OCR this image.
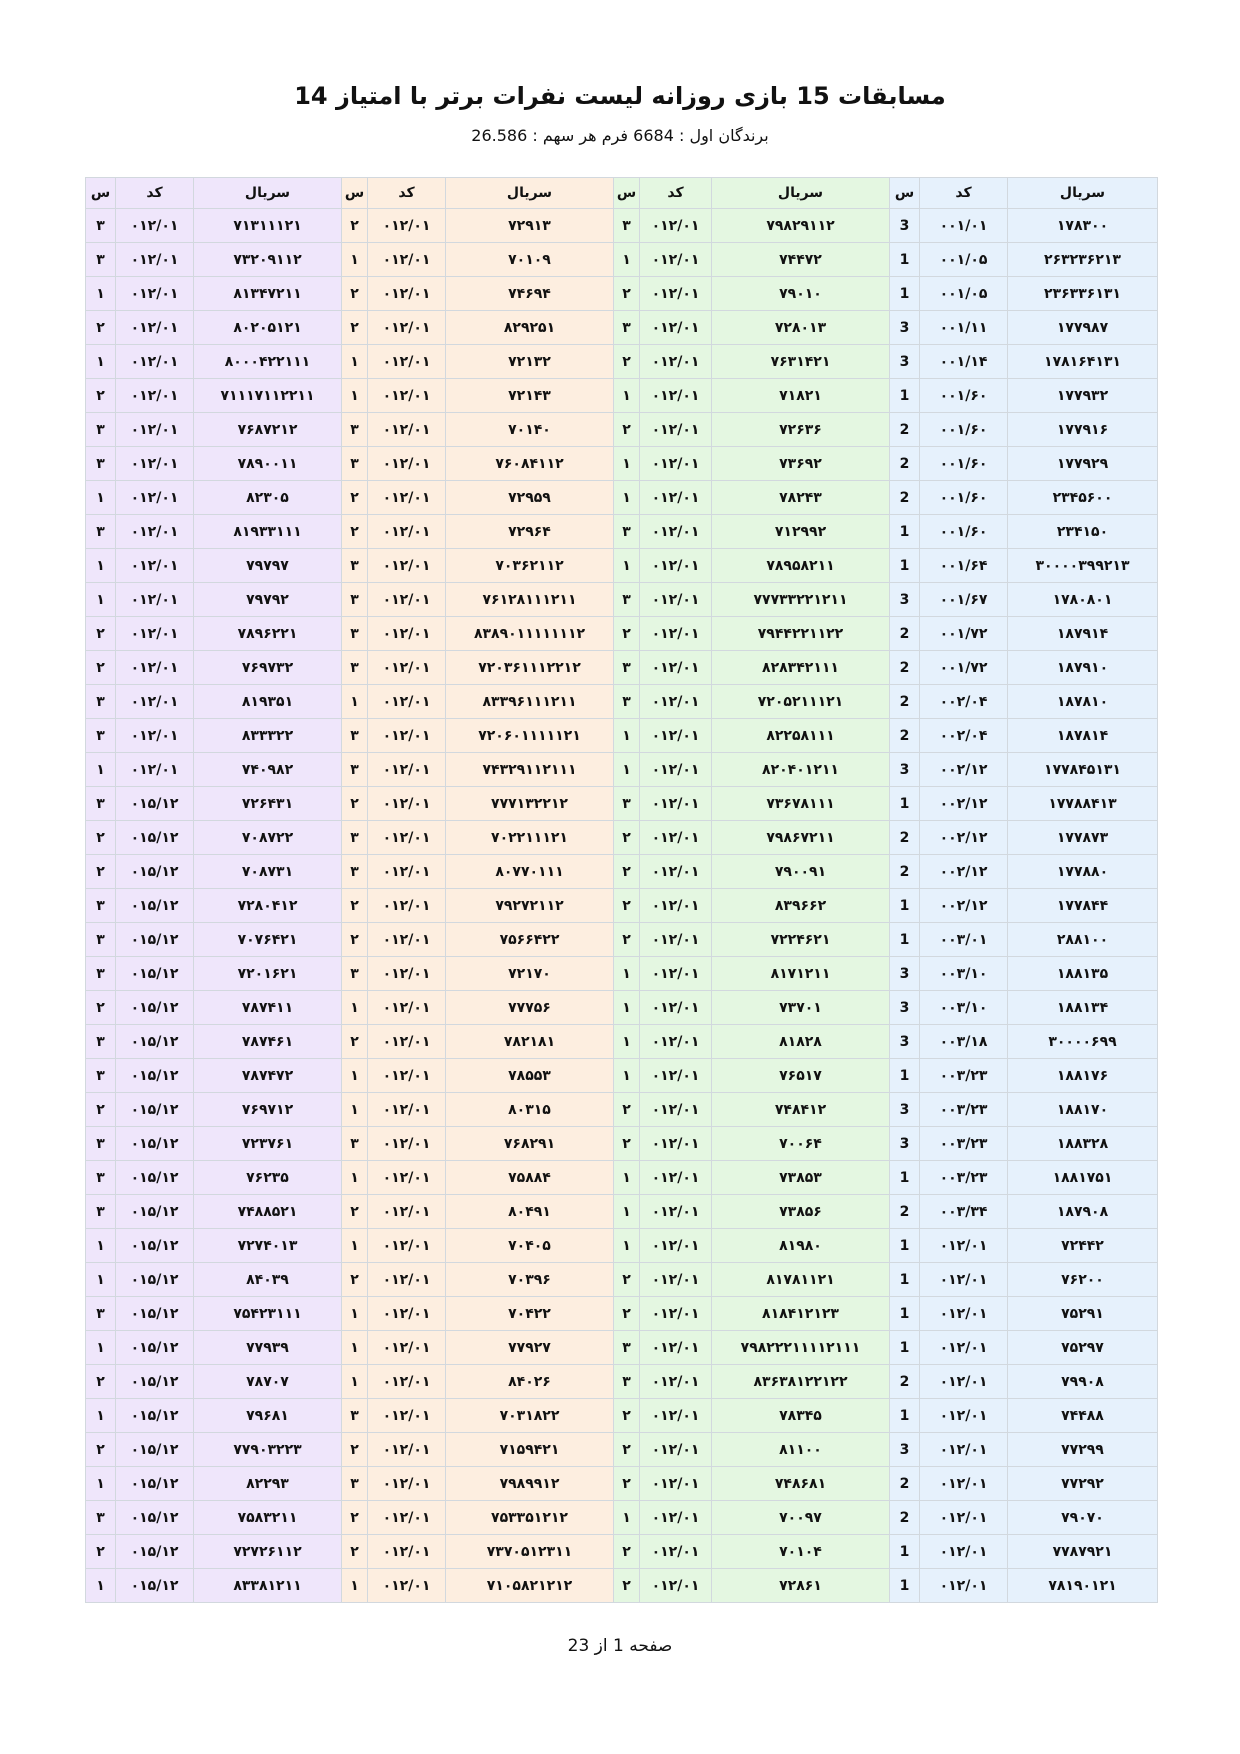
مسابقات 15 بازی روزانه لیست نفرات برتر با امتیاز 14
برندگان اول : 6684 فرم هر سهم : 26.586
سریال	کد	س	سریال	کد	س	سریال	کد	س	سریال	کد	س
۱۷۸۳۰۰	۰۰۱/۰۱	3	۷۹۸۲۹۱۱۲	۰۱۲/۰۱	۳	۷۲۹۱۳	۰۱۲/۰۱	۲	۷۱۳۱۱۱۲۱	۰۱۲/۰۱	۳
۲۶۳۲۳۶۲۱۳	۰۰۱/۰۵	1	۷۴۴۷۲	۰۱۲/۰۱	۱	۷۰۱۰۹	۰۱۲/۰۱	۱	۷۳۲۰۹۱۱۲	۰۱۲/۰۱	۳
۲۳۶۳۳۶۱۳۱	۰۰۱/۰۵	1	۷۹۰۱۰	۰۱۲/۰۱	۲	۷۴۶۹۴	۰۱۲/۰۱	۲	۸۱۳۴۷۲۱۱	۰۱۲/۰۱	۱
۱۷۷۹۸۷	۰۰۱/۱۱	3	۷۲۸۰۱۳	۰۱۲/۰۱	۳	۸۲۹۲۵۱	۰۱۲/۰۱	۲	۸۰۲۰۵۱۲۱	۰۱۲/۰۱	۲
۱۷۸۱۶۴۱۳۱	۰۰۱/۱۴	3	۷۶۳۱۴۲۱	۰۱۲/۰۱	۲	۷۲۱۳۲	۰۱۲/۰۱	۱	۸۰۰۰۴۲۲۱۱۱	۰۱۲/۰۱	۱
۱۷۷۹۳۲	۰۰۱/۶۰	1	۷۱۸۲۱	۰۱۲/۰۱	۱	۷۲۱۴۳	۰۱۲/۰۱	۱	۷۱۱۱۷۱۱۲۲۱۱	۰۱۲/۰۱	۲
۱۷۷۹۱۶	۰۰۱/۶۰	2	۷۲۶۳۶	۰۱۲/۰۱	۲	۷۰۱۴۰	۰۱۲/۰۱	۳	۷۶۸۷۲۱۲	۰۱۲/۰۱	۳
۱۷۷۹۲۹	۰۰۱/۶۰	2	۷۳۶۹۲	۰۱۲/۰۱	۱	۷۶۰۸۴۱۱۲	۰۱۲/۰۱	۳	۷۸۹۰۰۱۱	۰۱۲/۰۱	۳
۲۳۴۵۶۰۰	۰۰۱/۶۰	2	۷۸۲۴۳	۰۱۲/۰۱	۱	۷۲۹۵۹	۰۱۲/۰۱	۲	۸۲۳۰۵	۰۱۲/۰۱	۱
۲۳۴۱۵۰	۰۰۱/۶۰	1	۷۱۲۹۹۲	۰۱۲/۰۱	۳	۷۲۹۶۴	۰۱۲/۰۱	۲	۸۱۹۳۳۱۱۱	۰۱۲/۰۱	۳
۳۰۰۰۰۳۹۹۲۱۳	۰۰۱/۶۴	1	۷۸۹۵۸۲۱۱	۰۱۲/۰۱	۱	۷۰۳۶۲۱۱۲	۰۱۲/۰۱	۳	۷۹۷۹۷	۰۱۲/۰۱	۱
۱۷۸۰۸۰۱	۰۰۱/۶۷	3	۷۷۷۳۳۲۲۱۲۱۱	۰۱۲/۰۱	۳	۷۶۱۲۸۱۱۱۲۱۱	۰۱۲/۰۱	۳	۷۹۷۹۲	۰۱۲/۰۱	۱
۱۸۷۹۱۴	۰۰۱/۷۲	2	۷۹۴۴۲۲۱۱۲۲	۰۱۲/۰۱	۲	۸۳۸۹۰۱۱۱۱۱۱۱۲	۰۱۲/۰۱	۳	۷۸۹۶۲۲۱	۰۱۲/۰۱	۲
۱۸۷۹۱۰	۰۰۱/۷۲	2	۸۲۸۳۴۲۱۱۱	۰۱۲/۰۱	۳	۷۲۰۳۶۱۱۱۲۲۱۲	۰۱۲/۰۱	۳	۷۶۹۷۳۲	۰۱۲/۰۱	۲
۱۸۷۸۱۰	۰۰۲/۰۴	2	۷۲۰۵۲۱۱۱۲۱	۰۱۲/۰۱	۳	۸۳۳۹۶۱۱۱۲۱۱	۰۱۲/۰۱	۱	۸۱۹۳۵۱	۰۱۲/۰۱	۳
۱۸۷۸۱۴	۰۰۲/۰۴	2	۸۲۲۵۸۱۱۱	۰۱۲/۰۱	۱	۷۲۰۶۰۱۱۱۱۱۲۱	۰۱۲/۰۱	۳	۸۳۳۳۲۲	۰۱۲/۰۱	۳
۱۷۷۸۴۵۱۳۱	۰۰۲/۱۲	3	۸۲۰۴۰۱۲۱۱	۰۱۲/۰۱	۱	۷۴۳۲۹۱۱۲۱۱۱	۰۱۲/۰۱	۳	۷۴۰۹۸۲	۰۱۲/۰۱	۱
۱۷۷۸۸۴۱۳	۰۰۲/۱۲	1	۷۳۶۷۸۱۱۱	۰۱۲/۰۱	۳	۷۷۷۱۳۲۲۱۲	۰۱۲/۰۱	۲	۷۲۶۴۳۱	۰۱۵/۱۲	۳
۱۷۷۸۷۳	۰۰۲/۱۲	2	۷۹۸۶۷۲۱۱	۰۱۲/۰۱	۲	۷۰۲۲۱۱۱۲۱	۰۱۲/۰۱	۳	۷۰۸۷۲۲	۰۱۵/۱۲	۲
۱۷۷۸۸۰	۰۰۲/۱۲	2	۷۹۰۰۹۱	۰۱۲/۰۱	۲	۸۰۷۷۰۱۱۱	۰۱۲/۰۱	۳	۷۰۸۷۳۱	۰۱۵/۱۲	۲
۱۷۷۸۴۴	۰۰۲/۱۲	1	۸۳۹۶۶۲	۰۱۲/۰۱	۲	۷۹۲۷۲۱۱۲	۰۱۲/۰۱	۲	۷۲۸۰۴۱۲	۰۱۵/۱۲	۳
۲۸۸۱۰۰	۰۰۳/۰۱	1	۷۲۲۴۶۲۱	۰۱۲/۰۱	۲	۷۵۶۶۴۲۲	۰۱۲/۰۱	۲	۷۰۷۶۴۲۱	۰۱۵/۱۲	۳
۱۸۸۱۳۵	۰۰۳/۱۰	3	۸۱۷۱۲۱۱	۰۱۲/۰۱	۱	۷۲۱۷۰	۰۱۲/۰۱	۳	۷۲۰۱۶۲۱	۰۱۵/۱۲	۳
۱۸۸۱۳۴	۰۰۳/۱۰	3	۷۳۷۰۱	۰۱۲/۰۱	۱	۷۷۷۵۶	۰۱۲/۰۱	۱	۷۸۷۴۱۱	۰۱۵/۱۲	۲
۳۰۰۰۰۶۹۹	۰۰۳/۱۸	3	۸۱۸۲۸	۰۱۲/۰۱	۱	۷۸۲۱۸۱	۰۱۲/۰۱	۲	۷۸۷۴۶۱	۰۱۵/۱۲	۳
۱۸۸۱۷۶	۰۰۳/۲۳	1	۷۶۵۱۷	۰۱۲/۰۱	۱	۷۸۵۵۳	۰۱۲/۰۱	۱	۷۸۷۴۷۲	۰۱۵/۱۲	۳
۱۸۸۱۷۰	۰۰۳/۲۳	3	۷۴۸۴۱۲	۰۱۲/۰۱	۲	۸۰۳۱۵	۰۱۲/۰۱	۱	۷۶۹۷۱۲	۰۱۵/۱۲	۲
۱۸۸۳۲۸	۰۰۳/۲۳	3	۷۰۰۶۴	۰۱۲/۰۱	۲	۷۶۸۲۹۱	۰۱۲/۰۱	۳	۷۲۳۷۶۱	۰۱۵/۱۲	۳
۱۸۸۱۷۵۱	۰۰۳/۲۳	1	۷۳۸۵۳	۰۱۲/۰۱	۱	۷۵۸۸۴	۰۱۲/۰۱	۱	۷۶۲۳۵	۰۱۵/۱۲	۳
۱۸۷۹۰۸	۰۰۳/۳۴	2	۷۳۸۵۶	۰۱۲/۰۱	۱	۸۰۴۹۱	۰۱۲/۰۱	۲	۷۴۸۸۵۲۱	۰۱۵/۱۲	۳
۷۲۴۴۲	۰۱۲/۰۱	1	۸۱۹۸۰	۰۱۲/۰۱	۱	۷۰۴۰۵	۰۱۲/۰۱	۱	۷۲۷۴۰۱۳	۰۱۵/۱۲	۱
۷۶۲۰۰	۰۱۲/۰۱	1	۸۱۷۸۱۱۲۱	۰۱۲/۰۱	۲	۷۰۳۹۶	۰۱۲/۰۱	۲	۸۴۰۳۹	۰۱۵/۱۲	۱
۷۵۲۹۱	۰۱۲/۰۱	1	۸۱۸۴۱۲۱۲۳	۰۱۲/۰۱	۲	۷۰۴۲۲	۰۱۲/۰۱	۱	۷۵۴۲۳۱۱۱	۰۱۵/۱۲	۳
۷۵۲۹۷	۰۱۲/۰۱	1	۷۹۸۲۲۲۱۱۱۱۲۱۱۱	۰۱۲/۰۱	۳	۷۷۹۲۷	۰۱۲/۰۱	۱	۷۷۹۳۹	۰۱۵/۱۲	۱
۷۹۹۰۸	۰۱۲/۰۱	2	۸۳۶۳۸۱۲۲۱۲۲	۰۱۲/۰۱	۳	۸۴۰۲۶	۰۱۲/۰۱	۱	۷۸۷۰۷	۰۱۵/۱۲	۲
۷۴۴۸۸	۰۱۲/۰۱	1	۷۸۳۴۵	۰۱۲/۰۱	۲	۷۰۳۱۸۲۲	۰۱۲/۰۱	۳	۷۹۶۸۱	۰۱۵/۱۲	۱
۷۷۲۹۹	۰۱۲/۰۱	3	۸۱۱۰۰	۰۱۲/۰۱	۲	۷۱۵۹۴۲۱	۰۱۲/۰۱	۲	۷۷۹۰۳۲۲۳	۰۱۵/۱۲	۲
۷۷۲۹۲	۰۱۲/۰۱	2	۷۴۸۶۸۱	۰۱۲/۰۱	۲	۷۹۸۹۹۱۲	۰۱۲/۰۱	۳	۸۲۲۹۳	۰۱۵/۱۲	۱
۷۹۰۷۰	۰۱۲/۰۱	2	۷۰۰۹۷	۰۱۲/۰۱	۱	۷۵۳۳۵۱۲۱۲	۰۱۲/۰۱	۲	۷۵۸۳۲۱۱	۰۱۵/۱۲	۳
۷۷۸۷۹۲۱	۰۱۲/۰۱	1	۷۰۱۰۴	۰۱۲/۰۱	۲	۷۳۷۰۵۱۲۳۱۱	۰۱۲/۰۱	۲	۷۲۷۲۶۱۱۲	۰۱۵/۱۲	۲
۷۸۱۹۰۱۲۱	۰۱۲/۰۱	1	۷۲۸۶۱	۰۱۲/۰۱	۲	۷۱۰۵۸۲۱۲۱۲	۰۱۲/۰۱	۱	۸۳۳۸۱۲۱۱	۰۱۵/۱۲	۱
صفحه 1 از 23
